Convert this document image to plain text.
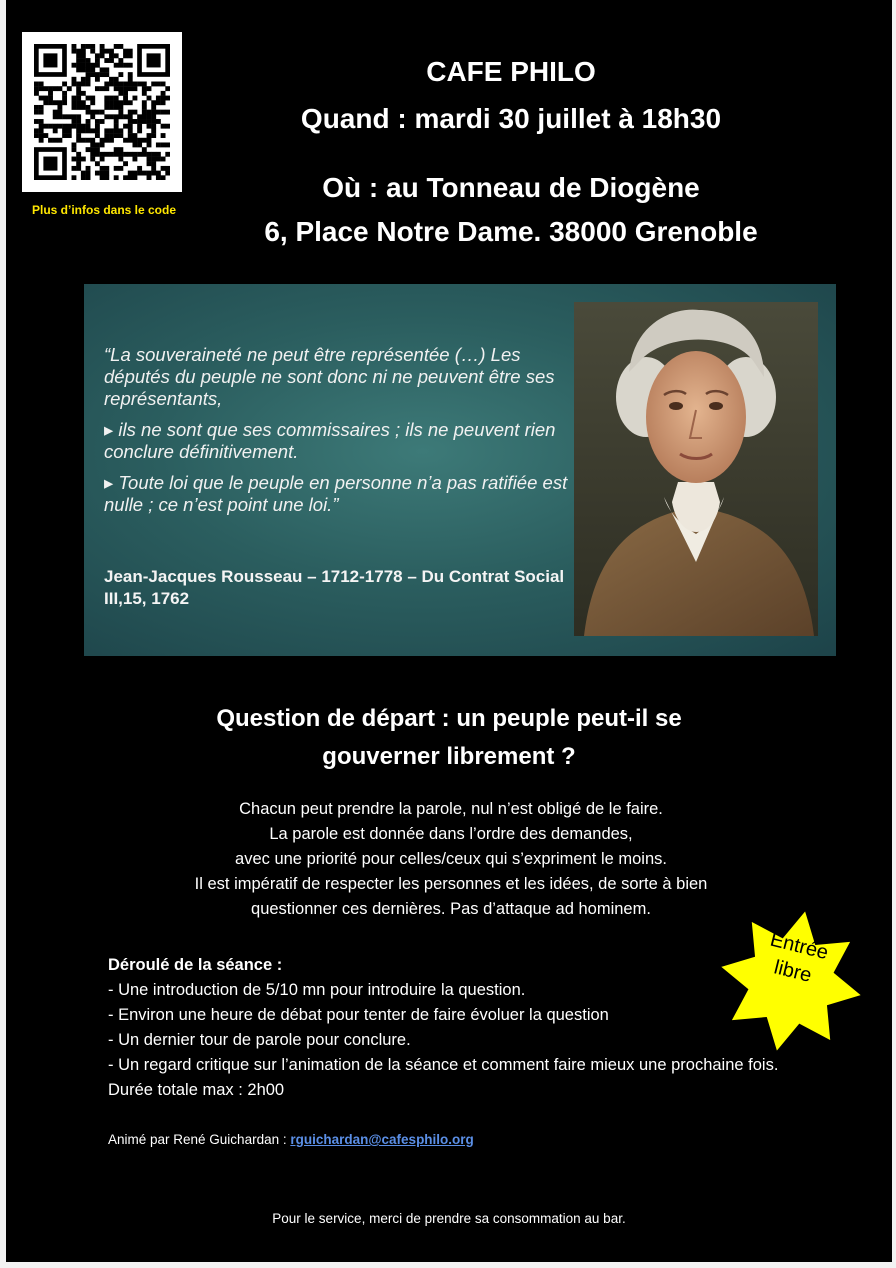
Plus d’infos dans le code
CAFE PHILO
Quand : mardi 30 juillet à 18h30
Où : au Tonneau de Diogène
6, Place Notre Dame. 38000 Grenoble

“La souveraineté ne peut être représentée (…) Les députés du peuple ne sont donc ni ne peuvent être ses représentants,

▸ ils ne sont que ses commissaires ; ils ne peuvent rien conclure définitivement.

▸ Toute loi que le peuple en personne n’a pas ratifiée est nulle ; ce n’est point une loi.”

Jean-Jacques Rousseau – 1712-1778 – Du Contrat Social III,15, 1762
Question de départ : un peuple peut-il se gouverner librement ?
Chacun peut prendre la parole, nul n’est obligé de le faire.
La parole est donnée dans l’ordre des demandes,
avec une priorité pour celles/ceux qui s’expriment le moins.
Il est impératif de respecter les personnes et les idées, de sorte à bien
questionner ces dernières. Pas d’attaque ad hominem.
Déroulé de la séance :
- Une introduction de 5/10 mn pour introduire la question.
- Environ une heure de débat pour tenter de faire évoluer la question
- Un dernier tour de parole pour conclure.
- Un regard critique sur l’animation de la séance et comment faire mieux une prochaine fois. Durée totale max : 2h00
Entrée
libre
Animé par René Guichardan : rguichardan@cafesphilo.org
Pour le service, merci de prendre sa consommation au bar.
